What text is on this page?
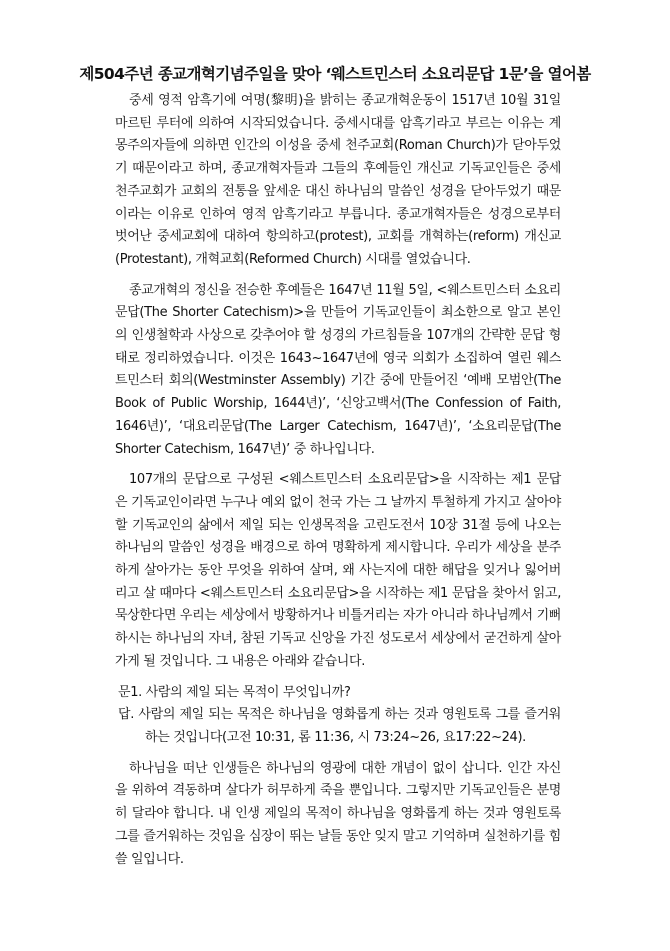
제504주년 종교개혁기념주일을 맞아 ‘웨스트민스터 소요리문답 1문’을 열어봄

중세 영적 암흑기에 여명(黎明)을 밝히는 종교개혁운동이 1517년 10월 31일 마르틴 루터에 의하여 시작되었습니다. 중세시대를 암흑기라고 부르는 이유는 계몽주의자들에 의하면 인간의 이성을 중세 천주교회(Roman Church)가 닫아두었기 때문이라고 하며, 종교개혁자들과 그들의 후예들인 개신교 기독교인들은 중세 천주교회가 교회의 전통을 앞세운 대신 하나님의 말씀인 성경을 닫아두었기 때문이라는 이유로 인하여 영적 암흑기라고 부릅니다. 종교개혁자들은 성경으로부터 벗어난 중세교회에 대하여 항의하고(protest), 교회를 개혁하는(reform) 개신교(Protestant), 개혁교회(Reformed Church) 시대를 열었습니다.

종교개혁의 정신을 전승한 후예들은 1647년 11월 5일, <웨스트민스터 소요리문답(The Shorter Catechism)>을 만들어 기독교인들이 최소한으로 알고 본인의 인생철학과 사상으로 갖추어야 할 성경의 가르침들을 107개의 간략한 문답 형태로 정리하였습니다. 이것은 1643~1647년에 영국 의회가 소집하여 열린 웨스트민스터 회의(Westminster Assembly) 기간 중에 만들어진 ‘예배 모범안(The Book of Public Worship, 1644년)’, ‘신앙고백서(The Confession of Faith, 1646년)’, ‘대요리문답(The Larger Catechism, 1647년)’, ‘소요리문답(The Shorter Catechism, 1647년)’ 중 하나입니다.

107개의 문답으로 구성된 <웨스트민스터 소요리문답>을 시작하는 제1 문답은 기독교인이라면 누구나 예외 없이 천국 가는 그 날까지 투철하게 가지고 살아야 할 기독교인의 삶에서 제일 되는 인생목적을 고린도전서 10장 31절 등에 나오는 하나님의 말씀인 성경을 배경으로 하여 명확하게 제시합니다. 우리가 세상을 분주하게 살아가는 동안 무엇을 위하여 살며, 왜 사는지에 대한 해답을 잊거나 잃어버리고 살 때마다 <웨스트민스터 소요리문답>을 시작하는 제1 문답을 찾아서 읽고, 묵상한다면 우리는 세상에서 방황하거나 비틀거리는 자가 아니라 하나님께서 기뻐하시는 하나님의 자녀, 참된 기독교 신앙을 가진 성도로서 세상에서 굳건하게 살아가게 될 것입니다. 그 내용은 아래와 같습니다.

문1. 사람의 제일 되는 목적이 무엇입니까?

답. 사람의 제일 되는 목적은 하나님을 영화롭게 하는 것과 영원토록 그를 즐거워하는 것입니다(고전 10:31, 롬 11:36, 시 73:24~26, 요17:22~24).

하나님을 떠난 인생들은 하나님의 영광에 대한 개념이 없이 삽니다. 인간 자신을 위하여 격동하며 살다가 허무하게 죽을 뿐입니다. 그렇지만 기독교인들은 분명히 달라야 합니다. 내 인생 제일의 목적이 하나님을 영화롭게 하는 것과 영원토록 그를 즐거워하는 것임을 심장이 뛰는 날들 동안 잊지 말고 기억하며 실천하기를 힘쓸 일입니다.
